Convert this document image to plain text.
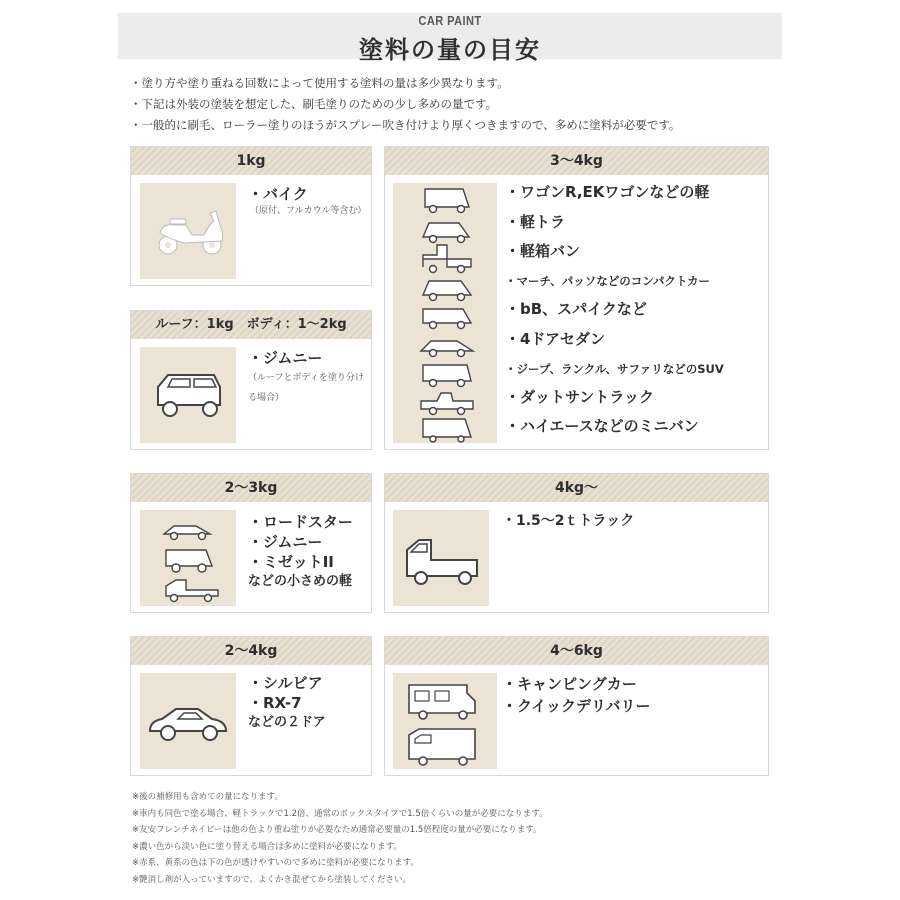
CAR PAINT
塗料の量の目安
・塗り方や塗り重ねる回数によって使用する塗料の量は多少異なります。
・下記は外装の塗装を想定した、刷毛塗りのための少し多めの量です。
・一般的に刷毛、ローラー塗りのほうがスプレー吹き付けより厚くつきますので、多めに塗料が必要です。
1kg
・バイク
（原付、フルカウル等含む）
ルーフ：1kg　ボディ：1～2kg
・ジムニー
（ルーフとボディを塗り分け
る場合）
3～4kg
・ワゴンR,EKワゴンなどの軽
・軽トラ
・軽箱バン
・マーチ、パッソなどのコンパクトカー
・bB、スパイクなど
・4ドアセダン
・ジープ、ランクル、サファリなどのSUV
・ダットサントラック
・ハイエースなどのミニバン
2～3kg
・ロードスター
・ジムニー
・ミゼットII
などの小さめの軽
4kg～
・1.5～2ｔトラック
2～4kg
・シルビア
・RX-7
などの２ドア
4～6kg
・キャンピングカー
・クイックデリバリー
※後の補修用も含めての量になります。
※車内も同色で塗る場合、軽トラックで1.2倍、通常のボックスタイプで1.5倍くらいの量が必要になります。
※友安フレンチネイビーは他の色より重ね塗りが必要なため通常必要量の1.5倍程度の量が必要になります。
※濃い色から淡い色に塗り替える場合は多めに塗料が必要になります。
※赤系、黄系の色は下の色が透けやすいので多めに塗料が必要になります。
※艶消し剤が入っていますので、よくかき混ぜてから塗装してください。
